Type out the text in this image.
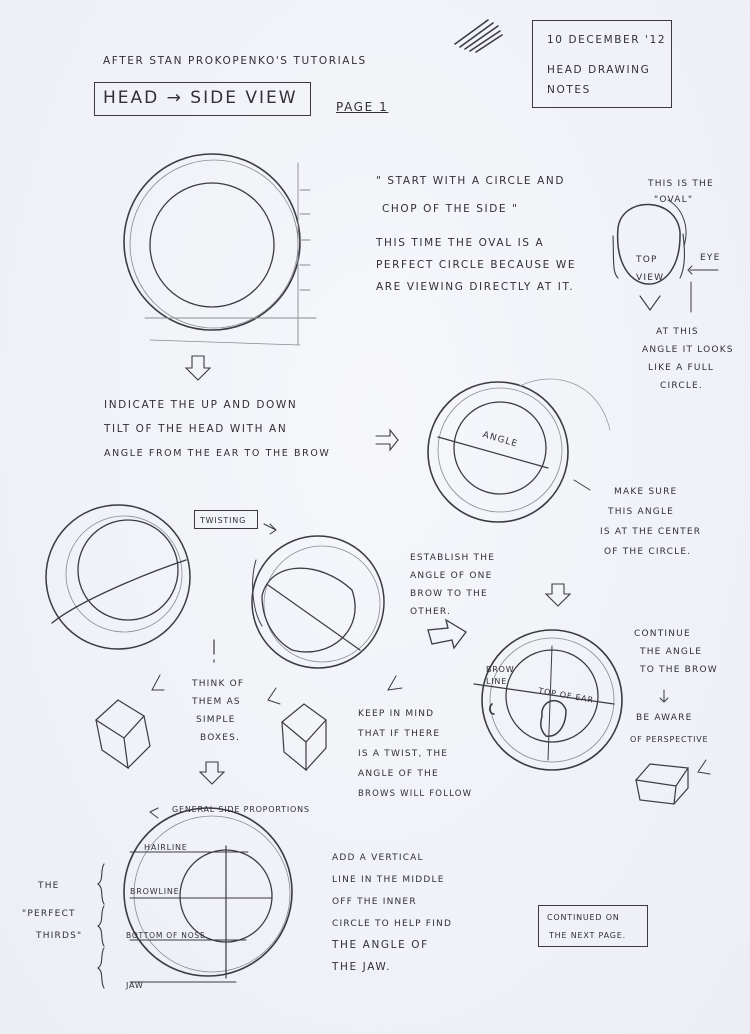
AFTER STAN PROKOPENKO'S TUTORIALS
HEAD → SIDE VIEW	PAGE 1
10 DECEMBER '12
HEAD DRAWING
NOTES
" START WITH A CIRCLE AND
CHOP OF THE SIDE "
THIS TIME THE OVAL IS A
PERFECT CIRCLE BECAUSE WE
ARE VIEWING DIRECTLY AT IT.
THIS IS THE
"OVAL"
TOP
VIEW
EYE
AT THIS
ANGLE IT LOOKS
LIKE A FULL
CIRCLE.
INDICATE THE UP AND DOWN
TILT OF THE HEAD WITH AN
ANGLE FROM THE EAR TO THE BROW
ANGLE
MAKE SURE
THIS ANGLE
IS AT THE CENTER
OF THE CIRCLE.
TWISTING
ESTABLISH THE
ANGLE OF ONE
BROW TO THE
OTHER.
CONTINUE
THE ANGLE
TO THE BROW
BROW
LINE
TOP OF EAR
THINK OF
THEM AS
SIMPLE
BOXES.
KEEP IN MIND
THAT IF THERE
IS A TWIST, THE
ANGLE OF THE
BROWS WILL FOLLOW
BE AWARE
OF PERSPECTIVE
GENERAL SIDE PROPORTIONS
HAIRLINE
BROWLINE
BOTTOM OF NOSE
JAW
THE
"PERFECT
THIRDS"
ADD A VERTICAL
LINE IN THE MIDDLE
OFF THE INNER
CIRCLE TO HELP FIND
THE ANGLE OF
THE JAW.
CONTINUED ON
THE NEXT PAGE.
